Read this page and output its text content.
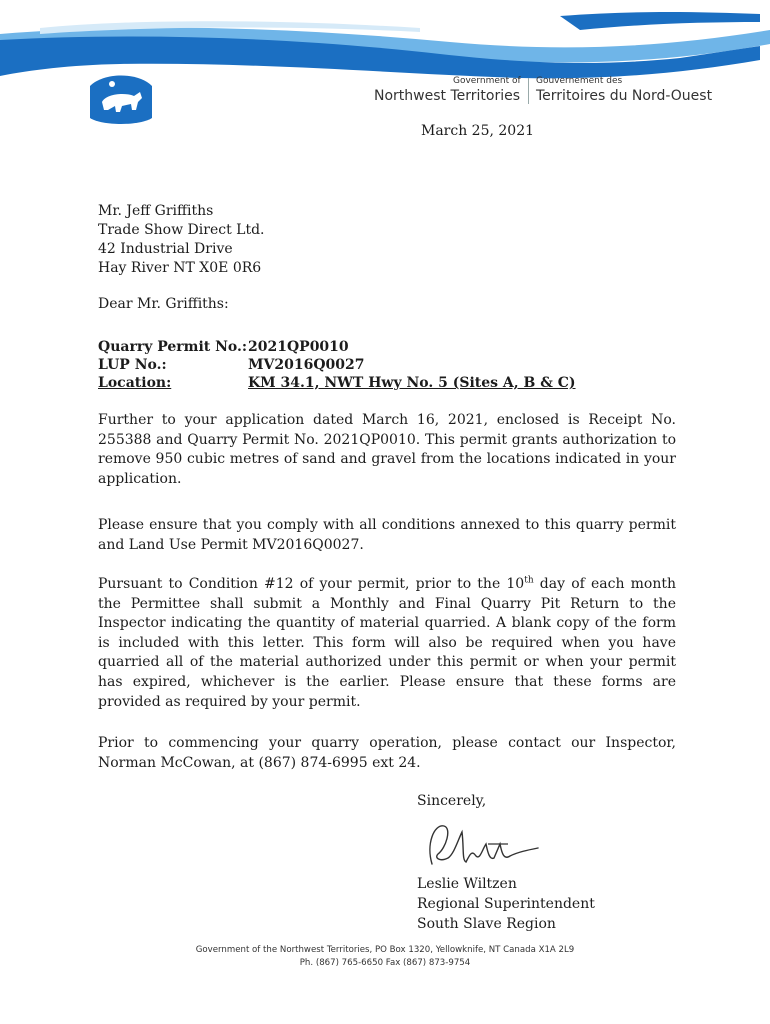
Government of
Northwest Territories
Gouvernement des
Territoires du Nord-Ouest
March 25, 2021
Mr. Jeff Griffiths
Trade Show Direct Ltd.
42 Industrial Drive
Hay River NT X0E 0R6
Dear Mr. Griffiths:
Quarry Permit No.: 2021QP0010
LUP No.:	MV2016Q0027
Location:	KM 34.1, NWT Hwy No. 5 (Sites A, B & C)

Further to your application dated March 16, 2021, enclosed is Receipt No. 255388 and Quarry Permit No. 2021QP0010. This permit grants authorization to remove 950 cubic metres of sand and gravel from the locations indicated in your application.

Please ensure that you comply with all conditions annexed to this quarry permit and Land Use Permit MV2016Q0027.

Pursuant to Condition #12 of your permit, prior to the 10th day of each month the Permittee shall submit a Monthly and Final Quarry Pit Return to the Inspector indicating the quantity of material quarried. A blank copy of the form is included with this letter. This form will also be required when you have quarried all of the material authorized under this permit or when your permit has expired, whichever is the earlier. Please ensure that these forms are provided as required by your permit.

Prior to commencing your quarry operation, please contact our Inspector, Norman McCowan, at (867) 874-6995 ext 24.

Sincerely,
Leslie Wiltzen
Regional Superintendent
South Slave Region
Government of the Northwest Territories, PO Box 1320, Yellowknife, NT Canada X1A 2L9
Ph. (867) 765-6650 Fax (867) 873-9754
